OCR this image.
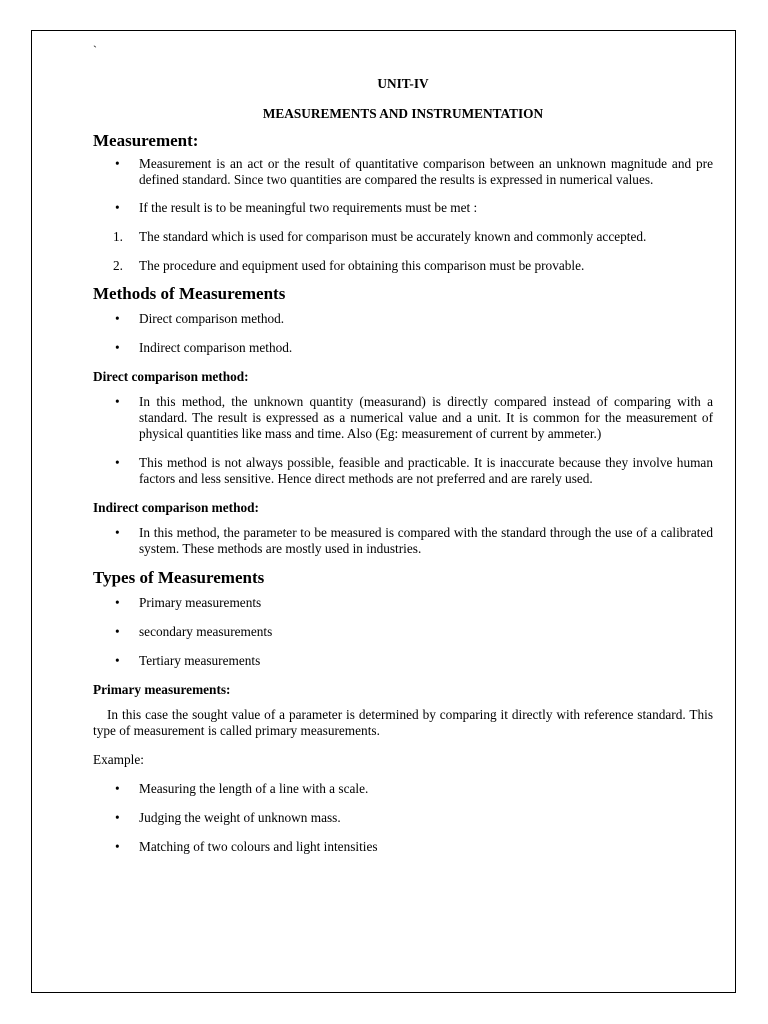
`

UNIT-IV

MEASUREMENTS AND INSTRUMENTATION

Measurement:
• Measurement is an act or the result of quantitative comparison between an unknown magnitude and pre defined standard. Since two quantities are compared the results is expressed in numerical values.
• If the result is to be meaningful two requirements must be met :
1. The standard which is used for comparison must be accurately known and commonly accepted.
2. The procedure and equipment used for obtaining this comparison must be provable.
Methods of Measurements
• Direct comparison method.
• Indirect comparison method.
Direct comparison method:
• In this method, the unknown quantity (measurand) is directly compared instead of comparing with a standard. The result is expressed as a numerical value and a unit. It is common for the measurement of physical quantities like mass and time. Also (Eg: measurement of current by ammeter.)
• This method is not always possible, feasible and practicable. It is inaccurate because they involve human factors and less sensitive. Hence direct methods are not preferred and are rarely used.
Indirect comparison method:
• In this method, the parameter to be measured is compared with the standard through the use of a calibrated system. These methods are mostly used in industries.
Types of Measurements
• Primary measurements
• secondary measurements
• Tertiary measurements
Primary measurements:

In this case the sought value of a parameter is determined by comparing it directly with reference standard. This type of measurement is called primary measurements.

Example:

• Measuring the length of a line with a scale.
• Judging the weight of unknown mass.
• Matching of two colours and light intensities
